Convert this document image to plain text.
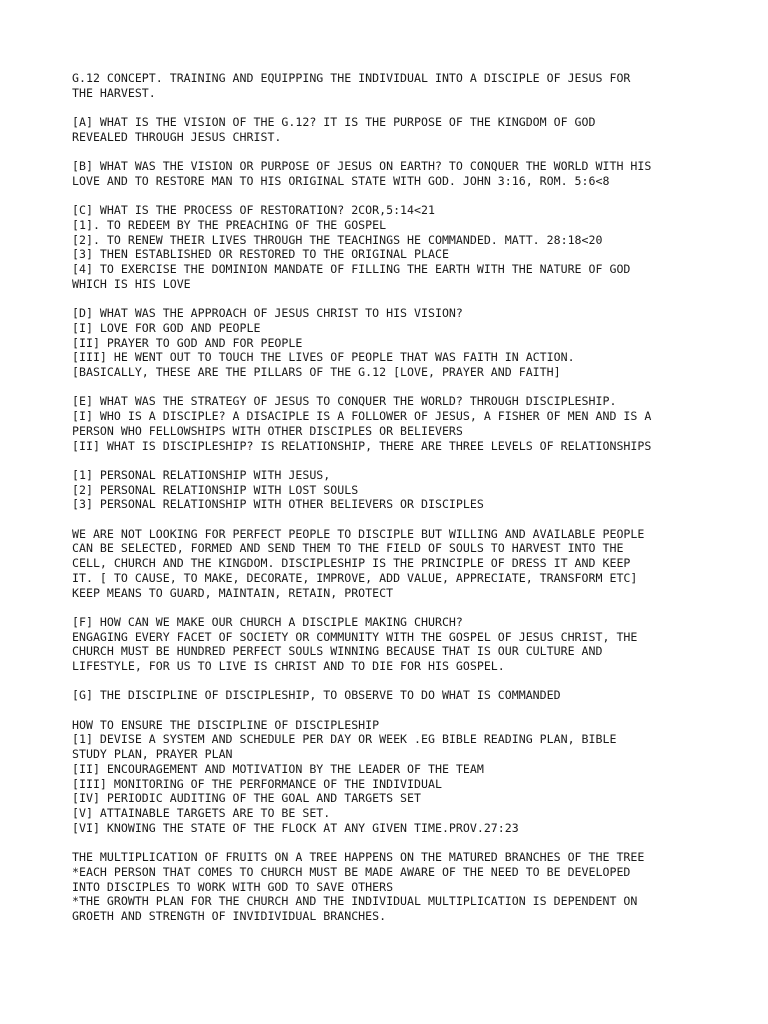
G.12 CONCEPT. TRAINING AND EQUIPPING THE INDIVIDUAL INTO A DISCIPLE OF JESUS FOR
THE HARVEST.
[A] WHAT IS THE VISION OF THE G.12? IT IS THE PURPOSE OF THE KINGDOM OF GOD
REVEALED THROUGH JESUS CHRIST.
[B] WHAT WAS THE VISION OR PURPOSE OF JESUS ON EARTH? TO CONQUER THE WORLD WITH HIS
LOVE AND TO RESTORE MAN TO HIS ORIGINAL STATE WITH GOD. JOHN 3:16, ROM. 5:6<8
[C] WHAT IS THE PROCESS OF RESTORATION? 2COR,5:14<21
[1]. TO REDEEM BY THE PREACHING OF THE GOSPEL
[2]. TO RENEW THEIR LIVES THROUGH THE TEACHINGS HE COMMANDED. MATT. 28:18<20
[3] THEN ESTABLISHED OR RESTORED TO THE ORIGINAL PLACE
[4] TO EXERCISE THE DOMINION MANDATE OF FILLING THE EARTH WITH THE NATURE OF GOD
WHICH IS HIS LOVE
[D] WHAT WAS THE APPROACH OF JESUS CHRIST TO HIS VISION?
[I] LOVE FOR GOD AND PEOPLE
[II] PRAYER TO GOD AND FOR PEOPLE
[III] HE WENT OUT TO TOUCH THE LIVES OF PEOPLE THAT WAS FAITH IN ACTION.
[BASICALLY, THESE ARE THE PILLARS OF THE G.12 [LOVE, PRAYER AND FAITH]
[E] WHAT WAS THE STRATEGY OF JESUS TO CONQUER THE WORLD? THROUGH DISCIPLESHIP.
[I] WHO IS A DISCIPLE? A DISACIPLE IS A FOLLOWER OF JESUS, A FISHER OF MEN AND IS A
PERSON WHO FELLOWSHIPS WITH OTHER DISCIPLES OR BELIEVERS
[II] WHAT IS DISCIPLESHIP? IS RELATIONSHIP, THERE ARE THREE LEVELS OF RELATIONSHIPS
[1] PERSONAL RELATIONSHIP WITH JESUS,
[2] PERSONAL RELATIONSHIP WITH LOST SOULS
[3] PERSONAL RELATIONSHIP WITH OTHER BELIEVERS OR DISCIPLES
WE ARE NOT LOOKING FOR PERFECT PEOPLE TO DISCIPLE BUT WILLING AND AVAILABLE PEOPLE
CAN BE SELECTED, FORMED AND SEND THEM TO THE FIELD OF SOULS TO HARVEST INTO THE
CELL, CHURCH AND THE KINGDOM. DISCIPLESHIP IS THE PRINCIPLE OF DRESS IT AND KEEP
IT. [ TO CAUSE, TO MAKE, DECORATE, IMPROVE, ADD VALUE, APPRECIATE, TRANSFORM ETC]
KEEP MEANS TO GUARD, MAINTAIN, RETAIN, PROTECT
[F] HOW CAN WE MAKE OUR CHURCH A DISCIPLE MAKING CHURCH?
ENGAGING EVERY FACET OF SOCIETY OR COMMUNITY WITH THE GOSPEL OF JESUS CHRIST, THE
CHURCH MUST BE HUNDRED PERFECT SOULS WINNING BECAUSE THAT IS OUR CULTURE AND
LIFESTYLE, FOR US TO LIVE IS CHRIST AND TO DIE FOR HIS GOSPEL.
[G] THE DISCIPLINE OF DISCIPLESHIP, TO OBSERVE TO DO WHAT IS COMMANDED
HOW TO ENSURE THE DISCIPLINE OF DISCIPLESHIP
[1] DEVISE A SYSTEM AND SCHEDULE PER DAY OR WEEK .EG BIBLE READING PLAN, BIBLE
STUDY PLAN, PRAYER PLAN
[II] ENCOURAGEMENT AND MOTIVATION BY THE LEADER OF THE TEAM
[III] MONITORING OF THE PERFORMANCE OF THE INDIVIDUAL
[IV] PERIODIC AUDITING OF THE GOAL AND TARGETS SET
[V] ATTAINABLE TARGETS ARE TO BE SET.
[VI] KNOWING THE STATE OF THE FLOCK AT ANY GIVEN TIME.PROV.27:23
THE MULTIPLICATION OF FRUITS ON A TREE HAPPENS ON THE MATURED BRANCHES OF THE TREE
*EACH PERSON THAT COMES TO CHURCH MUST BE MADE AWARE OF THE NEED TO BE DEVELOPED
INTO DISCIPLES TO WORK WITH GOD TO SAVE OTHERS
*THE GROWTH PLAN FOR THE CHURCH AND THE INDIVIDUAL MULTIPLICATION IS DEPENDENT ON
GROETH AND STRENGTH OF INVIDIVIDUAL BRANCHES.
